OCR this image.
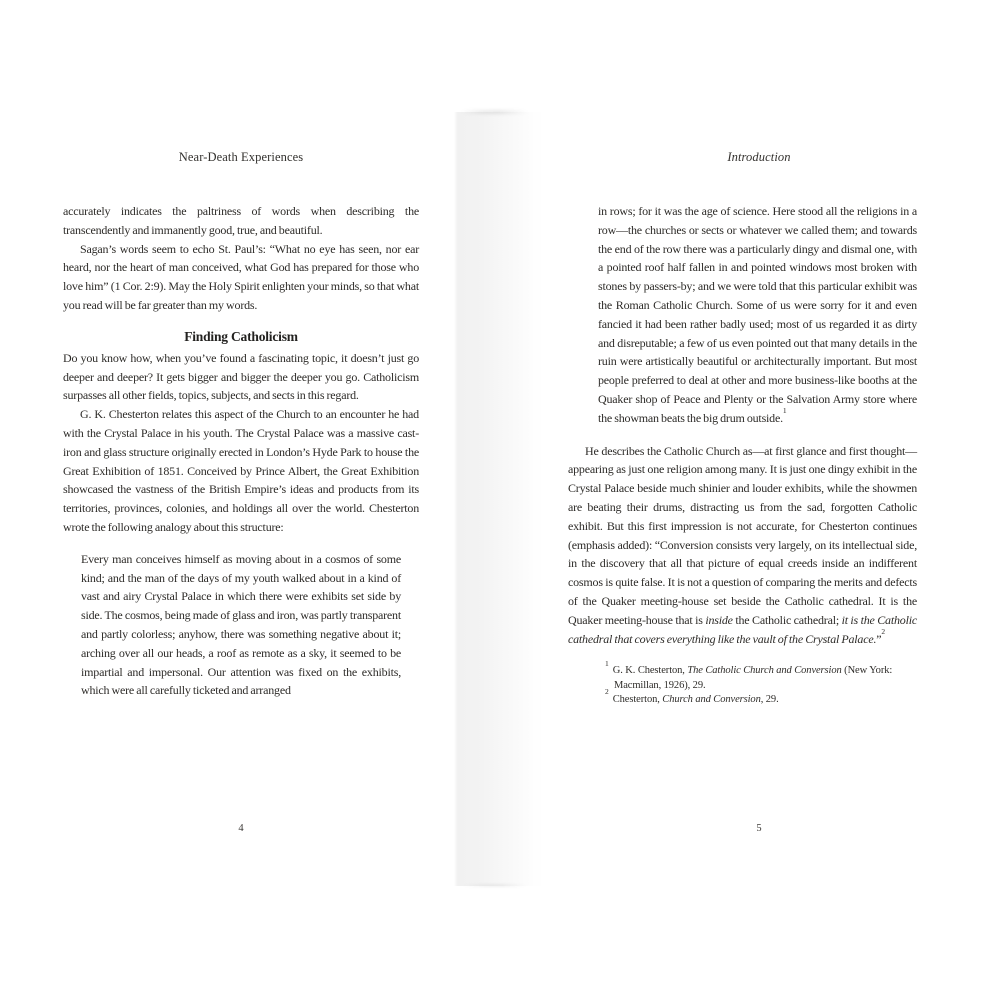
Near-Death Experiences

accurately indicates the paltriness of words when describing the transcendently and immanently good, true, and beautiful.

Sagan’s words seem to echo St. Paul’s: “What no eye has seen, nor ear heard, nor the heart of man conceived, what God has prepared for those who love him” (1 Cor. 2:9). May the Holy Spirit enlighten your minds, so that what you read will be far greater than my words.

Finding Catholicism

Do you know how, when you’ve found a fascinating topic, it doesn’t just go deeper and deeper? It gets bigger and bigger the deeper you go. Catholicism surpasses all other fields, topics, subjects, and sects in this regard.

G. K. Chesterton relates this aspect of the Church to an encounter he had with the Crystal Palace in his youth. The Crystal Palace was a massive cast-iron and glass structure originally erected in London’s Hyde Park to house the Great Exhibition of 1851. Conceived by Prince Albert, the Great Exhibition showcased the vastness of the British Empire’s ideas and products from its territories, provinces, colonies, and holdings all over the world. Chesterton wrote the following analogy about this structure:

Every man conceives himself as moving about in a cosmos of some kind; and the man of the days of my youth walked about in a kind of vast and airy Crystal Palace in which there were exhibits set side by side. The cosmos, being made of glass and iron, was partly transparent and partly colorless; anyhow, there was something negative about it; arching over all our heads, a roof as remote as a sky, it seemed to be impartial and impersonal. Our attention was fixed on the exhibits, which were all carefully ticketed and arranged
4
Introduction
in rows; for it was the age of science. Here stood all the religions in a row—the churches or sects or whatever we called them; and towards the end of the row there was a particularly dingy and dismal one, with a pointed roof half fallen in and pointed windows most broken with stones by passers-by; and we were told that this particular exhibit was the Roman Catholic Church. Some of us were sorry for it and even fancied it had been rather badly used; most of us regarded it as dirty and disreputable; a few of us even pointed out that many details in the ruin were artistically beautiful or architecturally important. But most people preferred to deal at other and more business-like booths at the Quaker shop of Peace and Plenty or the Salvation Army store where the showman beats the big drum outside.$^1$

He describes the Catholic Church as—at first glance and first thought—appearing as just one religion among many. It is just one dingy exhibit in the Crystal Palace beside much shinier and louder exhibits, while the showmen are beating their drums, distracting us from the sad, forgotten Catholic exhibit. But this first impression is not accurate, for Chesterton continues (emphasis added): “Conversion consists very largely, on its intellectual side, in the discovery that all that picture of equal creeds inside an indifferent cosmos is quite false. It is not a question of comparing the merits and defects of the Quaker meeting-house set beside the Catholic cathedral. It is the Quaker meeting-house that is inside the Catholic cathedral; it is the Catholic cathedral that covers everything like the vault of the Crystal Palace.”$^2$

$^1$G. K. Chesterton, The Catholic Church and Conversion (New York: Macmillan, 1926), 29.
$^2$Chesterton, Church and Conversion, 29.
5
